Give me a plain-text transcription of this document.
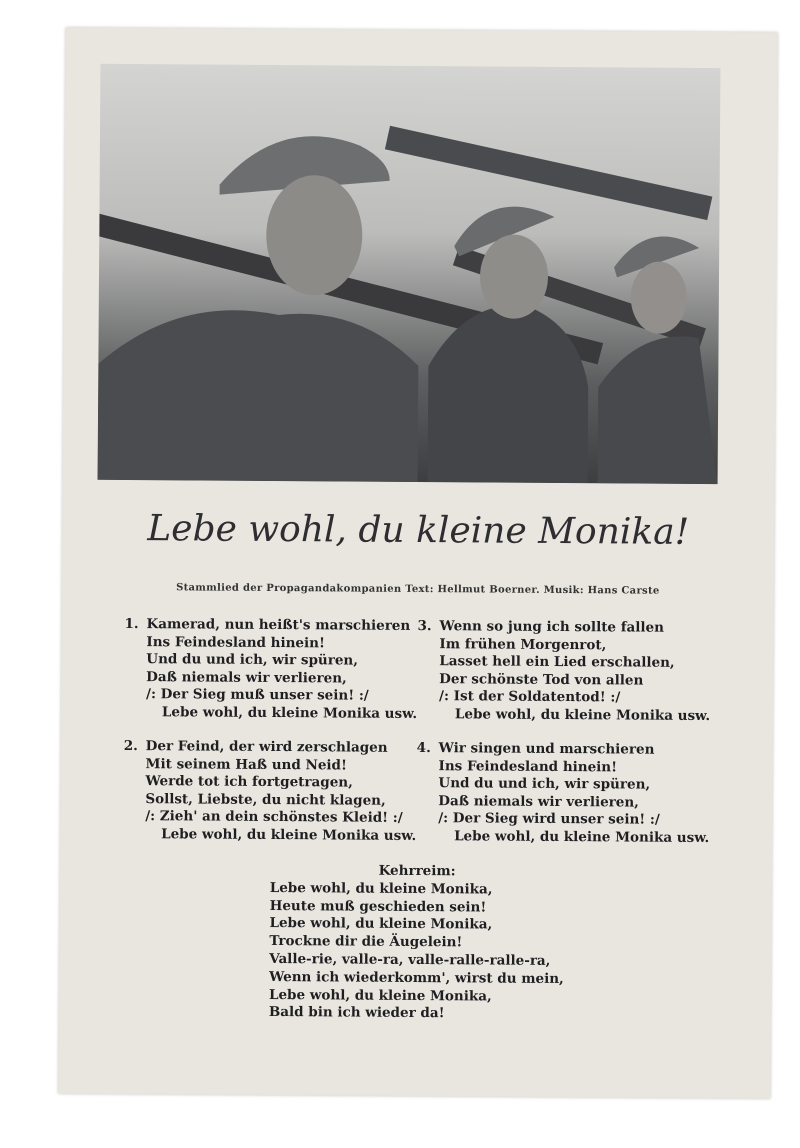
Lebe wohl, du kleine Monika!
Stammlied der Propagandakompanien Text: Hellmut Boerner. Musik: Hans Carste
1. Kamerad, nun heißt's marschieren
Ins Feindesland hinein!
Und du und ich, wir spüren,
Daß niemals wir verlieren,
/: Der Sieg muß unser sein! :/
Lebe wohl, du kleine Monika usw.
2. Der Feind, der wird zerschlagen
Mit seinem Haß und Neid!
Werde tot ich fortgetragen,
Sollst, Liebste, du nicht klagen,
/: Zieh' an dein schönstes Kleid! :/
Lebe wohl, du kleine Monika usw.
3. Wenn so jung ich sollte fallen
Im frühen Morgenrot,
Lasset hell ein Lied erschallen,
Der schönste Tod von allen
/: Ist der Soldatentod! :/
Lebe wohl, du kleine Monika usw.
4. Wir singen und marschieren
Ins Feindesland hinein!
Und du und ich, wir spüren,
Daß niemals wir verlieren,
/: Der Sieg wird unser sein! :/
Lebe wohl, du kleine Monika usw.
Kehrreim:
Lebe wohl, du kleine Monika,
Heute muß geschieden sein!
Lebe wohl, du kleine Monika,
Trockne dir die Äugelein!
Valle-rie, valle-ra, valle-ralle-ralle-ra,
Wenn ich wiederkomm', wirst du mein,
Lebe wohl, du kleine Monika,
Bald bin ich wieder da!
